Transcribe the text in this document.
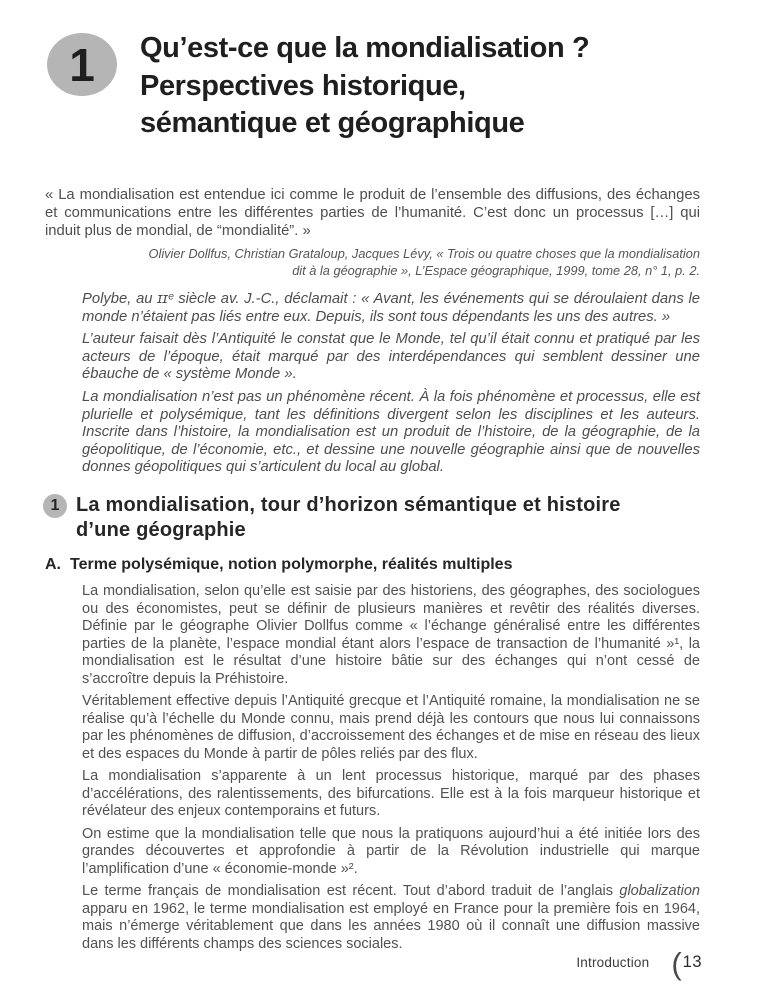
1 Qu’est-ce que la mondialisation ?
Perspectives historique,
sémantique et géographique

« La mondialisation est entendue ici comme le produit de l’ensemble des diffusions, des échanges et communications entre les différentes parties de l’humanité. C’est donc un processus […] qui induit plus de mondial, de “mondialité”. »

Olivier Dollfus, Christian Grataloup, Jacques Lévy, « Trois ou quatre choses que la mondialisation
dit à la géographie », L’Espace géographique, 1999, tome 28, n° 1, p. 2.

Polybe, au ɪɪᵉ siècle av. J.-C., déclamait : « Avant, les événements qui se déroulaient dans le monde n’étaient pas liés entre eux. Depuis, ils sont tous dépendants les uns des autres. »

L’auteur faisait dès l’Antiquité le constat que le Monde, tel qu’il était connu et pratiqué par les acteurs de l’époque, était marqué par des interdépendances qui semblent dessiner une ébauche de « système Monde ».

La mondialisation n’est pas un phénomène récent. À la fois phénomène et processus, elle est plurielle et polysémique, tant les définitions divergent selon les disciplines et les auteurs. Inscrite dans l’histoire, la mondialisation est un produit de l’histoire, de la géographie, de la géopolitique, de l’économie, etc., et dessine une nouvelle géographie ainsi que de nouvelles donnes géopolitiques qui s’articulent du local au global.

1 La mondialisation, tour d’horizon sémantique et histoire
d’une géographie
A. Terme polysémique, notion polymorphe, réalités multiples

La mondialisation, selon qu’elle est saisie par des historiens, des géographes, des sociologues ou des économistes, peut se définir de plusieurs manières et revêtir des réalités diverses. Définie par le géographe Olivier Dollfus comme « l’échange généralisé entre les différentes parties de la planète, l’espace mondial étant alors l’espace de transaction de l’humanité »¹, la mondialisation est le résultat d’une histoire bâtie sur des échanges qui n’ont cessé de s’accroître depuis la Préhistoire.

Véritablement effective depuis l’Antiquité grecque et l’Antiquité romaine, la mondialisation ne se réalise qu’à l’échelle du Monde connu, mais prend déjà les contours que nous lui connaissons par les phénomènes de diffusion, d’accroissement des échanges et de mise en réseau des lieux et des espaces du Monde à partir de pôles reliés par des flux.

La mondialisation s’apparente à un lent processus historique, marqué par des phases d’accélérations, des ralentissements, des bifurcations. Elle est à la fois marqueur historique et révélateur des enjeux contemporains et futurs.

On estime que la mondialisation telle que nous la pratiquons aujourd’hui a été initiée lors des grandes découvertes et approfondie à partir de la Révolution industrielle qui marque l’amplification d’une « économie-monde »².

Le terme français de mondialisation est récent. Tout d’abord traduit de l’anglais globalization apparu en 1962, le terme mondialisation est employé en France pour la première fois en 1964, mais n’émerge véritablement que dans les années 1980 où il connaît une diffusion massive dans les différents champs des sciences sociales.

Introduction ( 13
